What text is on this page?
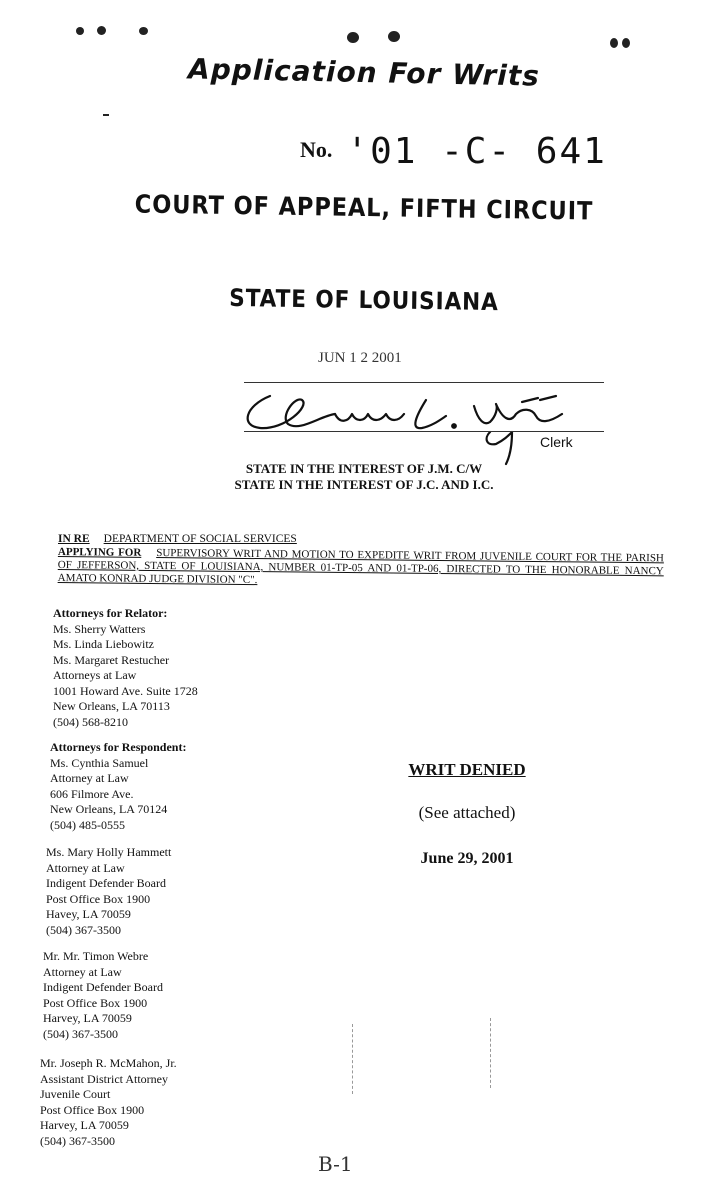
Application For Writs
No. '01 -C- 641
COURT OF APPEAL, FIFTH CIRCUIT
STATE OF LOUISIANA
JUN 1 2 2001
Clerk
STATE IN THE INTEREST OF J.M. C/W
STATE IN THE INTEREST OF J.C. AND I.C.
IN RE DEPARTMENT OF SOCIAL SERVICES
APPLYING FOR SUPERVISORY WRIT AND MOTION TO EXPEDITE WRIT FROM JUVENILE COURT FOR THE PARISH OF JEFFERSON, STATE OF LOUISIANA, NUMBER 01-TP-05 AND 01-TP-06, DIRECTED TO THE HONORABLE NANCY AMATO KONRAD JUDGE DIVISION "C".
Attorneys for Relator:
Ms. Sherry Watters
Ms. Linda Liebowitz
Ms. Margaret Restucher
Attorneys at Law
1001 Howard Ave. Suite 1728
New Orleans, LA 70113
(504) 568-8210
Attorneys for Respondent:
Ms. Cynthia Samuel
Attorney at Law
606 Filmore Ave.
New Orleans, LA 70124
(504) 485-0555
Ms. Mary Holly Hammett
Attorney at Law
Indigent Defender Board
Post Office Box 1900
Havey, LA 70059
(504) 367-3500
Mr. Mr. Timon Webre
Attorney at Law
Indigent Defender Board
Post Office Box 1900
Harvey, LA 70059
(504) 367-3500
Mr. Joseph R. McMahon, Jr.
Assistant District Attorney
Juvenile Court
Post Office Box 1900
Harvey, LA 70059
(504) 367-3500
WRIT DENIED
(See attached)
June 29, 2001
B-1
